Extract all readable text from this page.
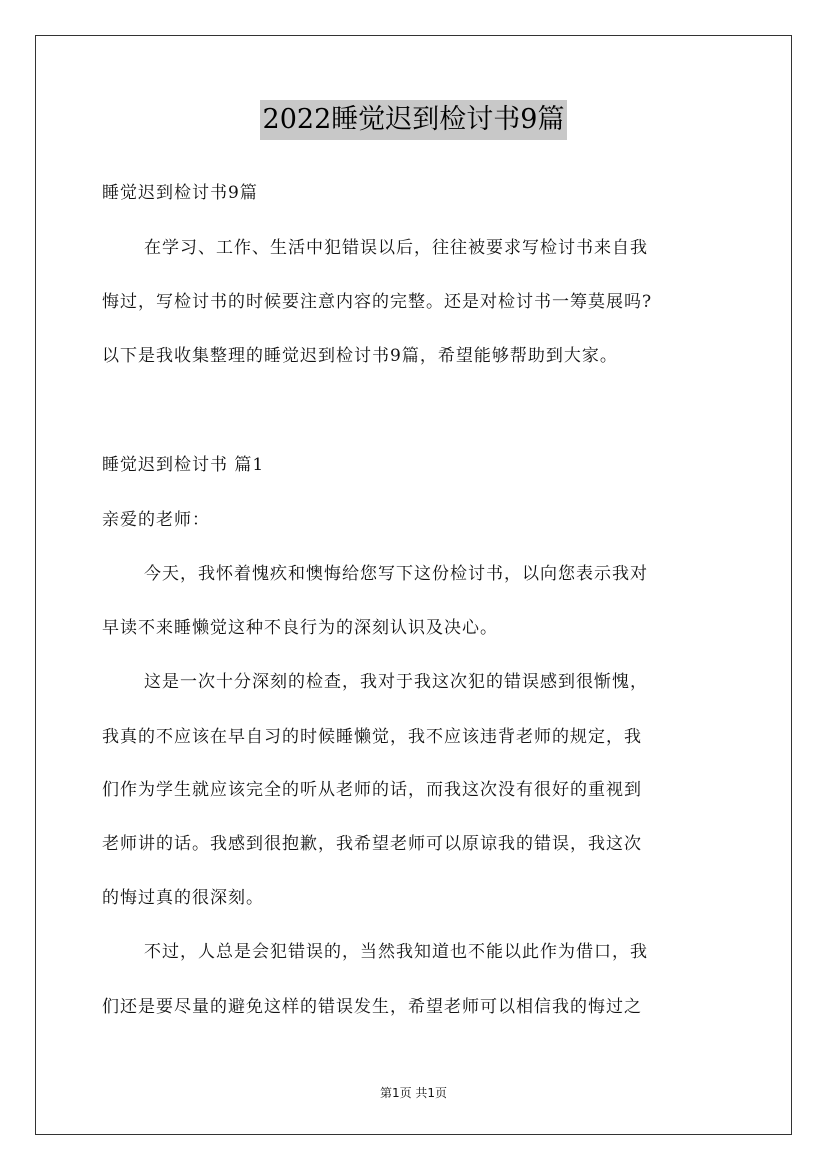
2022睡觉迟到检讨书9篇
睡觉迟到检讨书9篇
在学习、工作、生活中犯错误以后，往往被要求写检讨书来自我
悔过，写检讨书的时候要注意内容的完整。还是对检讨书一筹莫展吗?
以下是我收集整理的睡觉迟到检讨书9篇，希望能够帮助到大家。
睡觉迟到检讨书 篇1
亲爱的老师：
今天，我怀着愧疚和懊悔给您写下这份检讨书，以向您表示我对
早读不来睡懒觉这种不良行为的深刻认识及决心。
这是一次十分深刻的检查，我对于我这次犯的错误感到很惭愧，
我真的不应该在早自习的时候睡懒觉，我不应该违背老师的规定，我
们作为学生就应该完全的听从老师的话，而我这次没有很好的重视到
老师讲的话。我感到很抱歉，我希望老师可以原谅我的错误，我这次
的悔过真的很深刻。
不过，人总是会犯错误的，当然我知道也不能以此作为借口，我
们还是要尽量的避免这样的错误发生，希望老师可以相信我的悔过之
第1页 共1页
